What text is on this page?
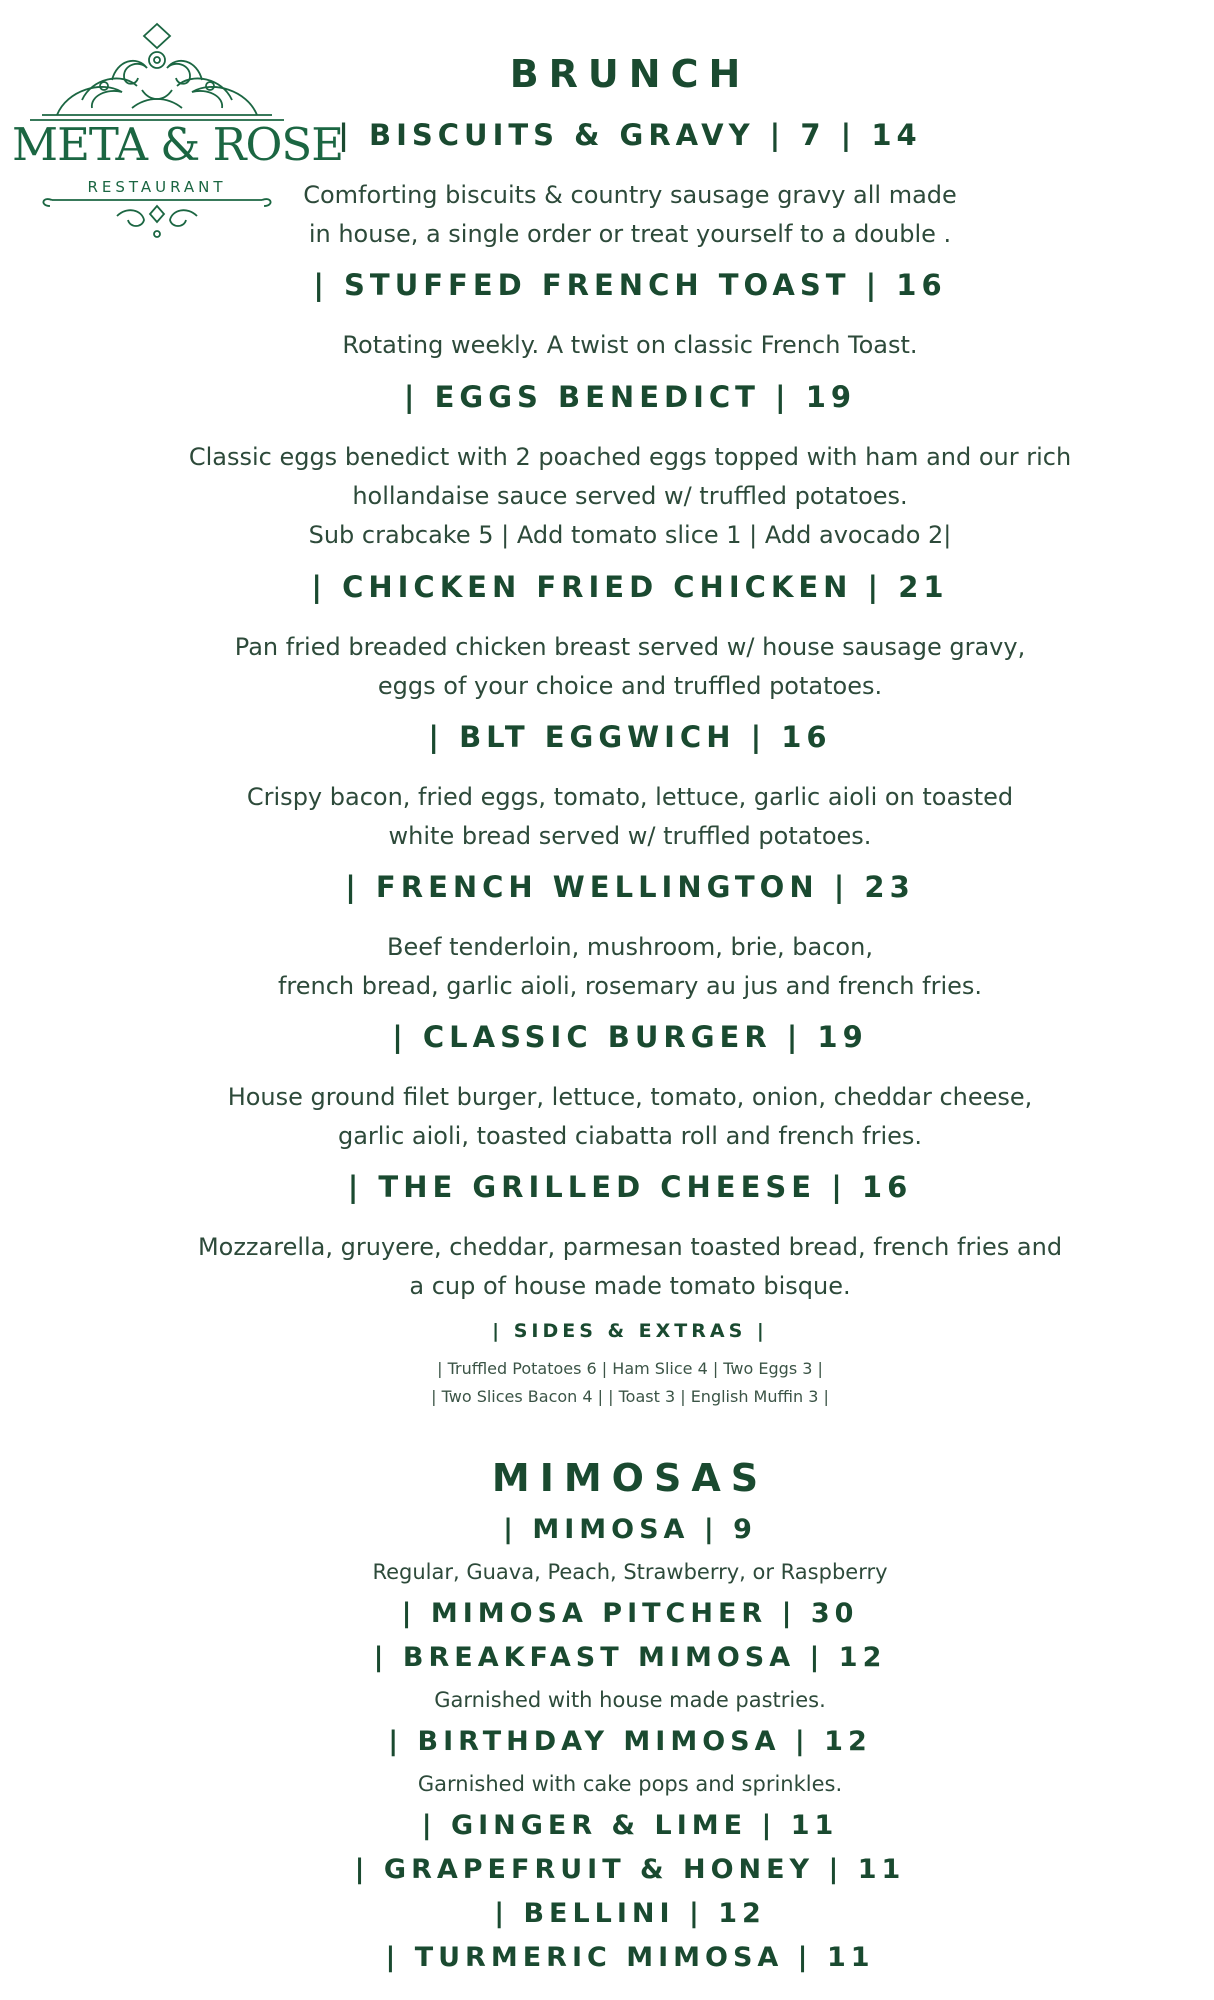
META & ROSE
RESTAURANT
BRUNCH
| BISCUITS & GRAVY | 7 | 14
Comforting biscuits & country sausage gravy all made
in house, a single order or treat yourself to a double .
| STUFFED FRENCH TOAST | 16
Rotating weekly. A twist on classic French Toast.
| EGGS BENEDICT | 19
Classic eggs benedict with 2 poached eggs topped with ham and our rich
hollandaise sauce served w/ truffled potatoes.
Sub crabcake 5 | Add tomato slice 1 | Add avocado 2|
| CHICKEN FRIED CHICKEN | 21
Pan fried breaded chicken breast served w/ house sausage gravy,
eggs of your choice and truffled potatoes.
| BLT EGGWICH | 16
Crispy bacon, fried eggs, tomato, lettuce, garlic aioli on toasted
white bread served w/ truffled potatoes.
| FRENCH WELLINGTON | 23
Beef tenderloin, mushroom, brie, bacon,
french bread, garlic aioli, rosemary au jus and french fries.
| CLASSIC BURGER | 19
House ground filet burger, lettuce, tomato, onion, cheddar cheese,
garlic aioli, toasted ciabatta roll and french fries.
| THE GRILLED CHEESE | 16
Mozzarella, gruyere, cheddar, parmesan toasted bread, french fries and
a cup of house made tomato bisque.
| SIDES & EXTRAS |
| Truffled Potatoes 6 | Ham Slice 4 | Two Eggs 3 |
| Two Slices Bacon 4 | | Toast 3 | English Muffin 3 |
MIMOSAS
| MIMOSA | 9
Regular, Guava, Peach, Strawberry, or Raspberry
| MIMOSA PITCHER | 30
| BREAKFAST MIMOSA | 12
Garnished with house made pastries.
| BIRTHDAY MIMOSA | 12
Garnished with cake pops and sprinkles.
| GINGER & LIME | 11
| GRAPEFRUIT & HONEY | 11
| BELLINI | 12
| TURMERIC MIMOSA | 11
